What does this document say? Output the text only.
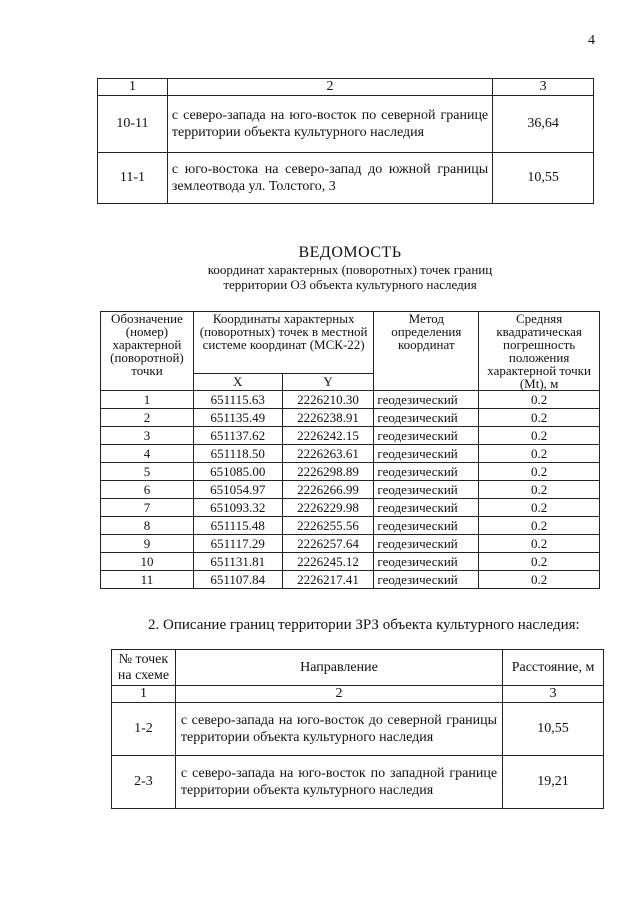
4
1	2	3
10-11	с северо-запада на юго-восток по северной границе территории объекта культурного наследия	36,64
11-1	с юго-востока на северо-запад до южной границы землеотвода ул. Толстого, 3	10,55
ВЕДОМОСТЬ
координат характерных (поворотных) точек границ
территории ОЗ объекта культурного наследия
Обозначение (номер) характерной (поворотной) точки	Координаты характерных (поворотных) точек в местной системе координат (МСК-22)		Метод определения координат	Средняя квадратическая погрешность положения характерной точки (Mt), м
	X	Y		
1	651115.63	2226210.30	геодезический	0.2
2	651135.49	2226238.91	геодезический	0.2
3	651137.62	2226242.15	геодезический	0.2
4	651118.50	2226263.61	геодезический	0.2
5	651085.00	2226298.89	геодезический	0.2
6	651054.97	2226266.99	геодезический	0.2
7	651093.32	2226229.98	геодезический	0.2
8	651115.48	2226255.56	геодезический	0.2
9	651117.29	2226257.64	геодезический	0.2
10	651131.81	2226245.12	геодезический	0.2
11	651107.84	2226217.41	геодезический	0.2
2. Описание границ территории ЗРЗ объекта культурного наследия:
№ точек на схеме	Направление	Расстояние, м
1	2	3
1-2	с северо-запада на юго-восток до северной границы территории объекта культурного наследия	10,55
2-3	с северо-запада на юго-восток по западной границе территории объекта культурного наследия	19,21
